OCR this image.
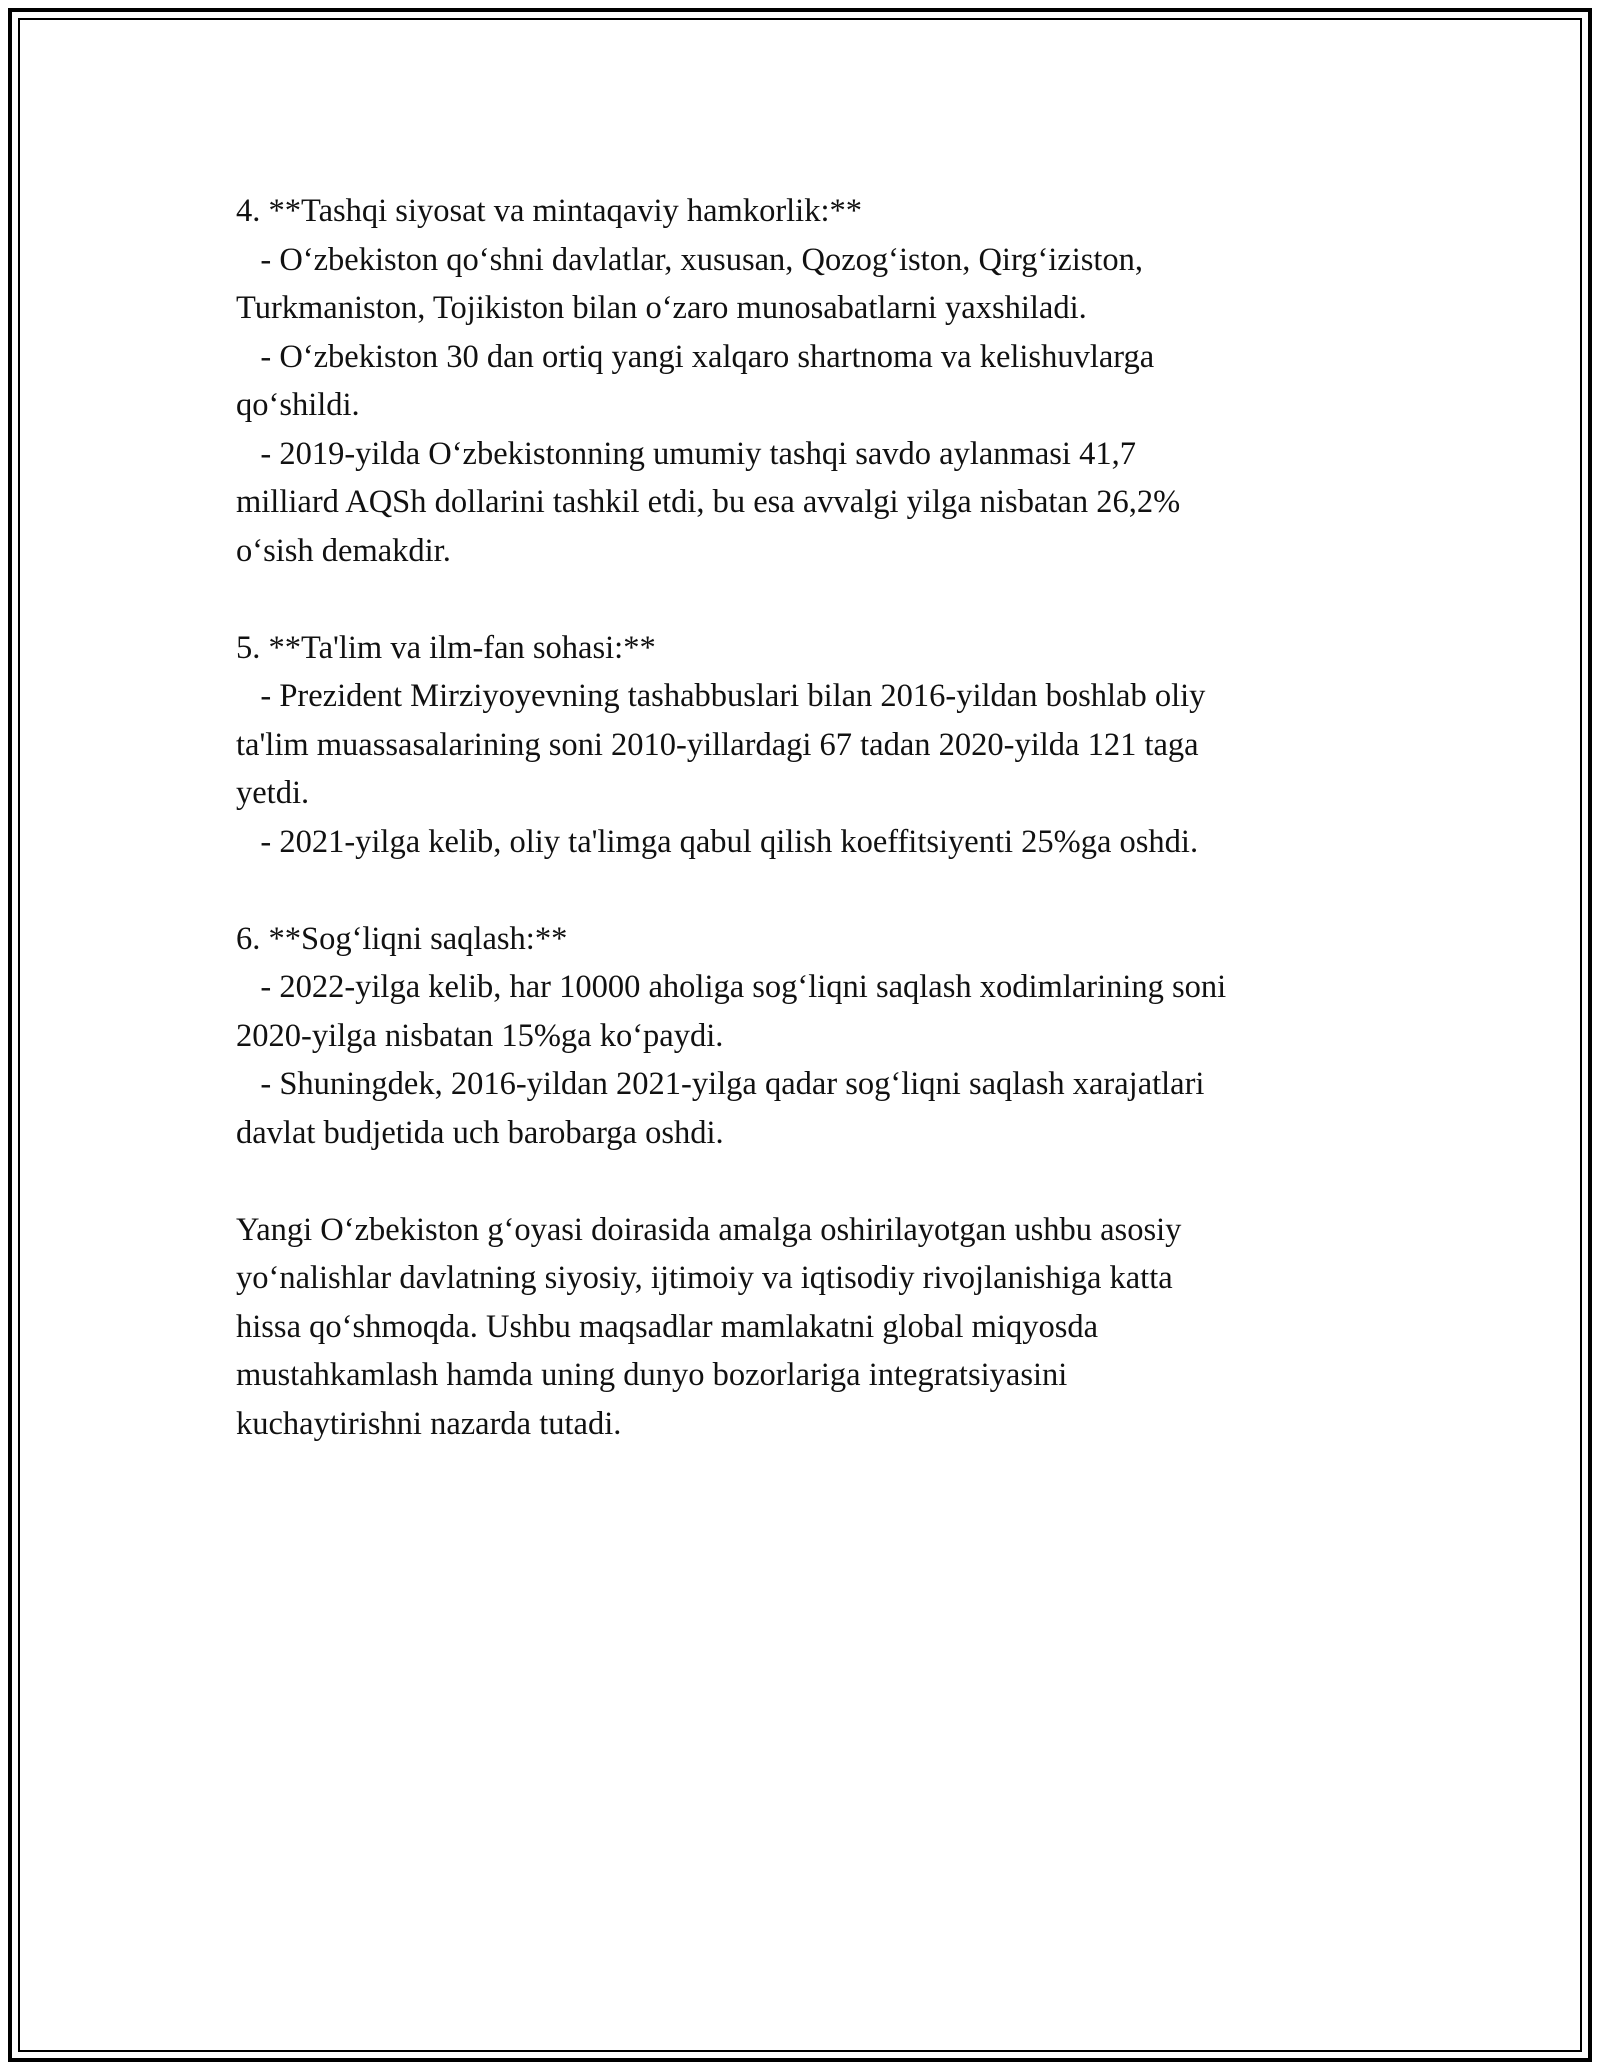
4. **Tashqi siyosat va mintaqaviy hamkorlik:**
- O‘zbekiston qo‘shni davlatlar, xususan, Qozog‘iston, Qirg‘iziston,
Turkmaniston, Tojikiston bilan o‘zaro munosabatlarni yaxshiladi.
- O‘zbekiston 30 dan ortiq yangi xalqaro shartnoma va kelishuvlarga
qo‘shildi.
- 2019-yilda O‘zbekistonning umumiy tashqi savdo aylanmasi 41,7
milliard AQSh dollarini tashkil etdi, bu esa avvalgi yilga nisbatan 26,2%
o‘sish demakdir.
5. **Ta'lim va ilm-fan sohasi:**
- Prezident Mirziyoyevning tashabbuslari bilan 2016-yildan boshlab oliy
ta'lim muassasalarining soni 2010-yillardagi 67 tadan 2020-yilda 121 taga
yetdi.
- 2021-yilga kelib, oliy ta'limga qabul qilish koeffitsiyenti 25%ga oshdi.
6. **Sog‘liqni saqlash:**
- 2022-yilga kelib, har 10000 aholiga sog‘liqni saqlash xodimlarining soni
2020-yilga nisbatan 15%ga ko‘paydi.
- Shuningdek, 2016-yildan 2021-yilga qadar sog‘liqni saqlash xarajatlari
davlat budjetida uch barobarga oshdi.
Yangi O‘zbekiston g‘oyasi doirasida amalga oshirilayotgan ushbu asosiy
yo‘nalishlar davlatning siyosiy, ijtimoiy va iqtisodiy rivojlanishiga katta
hissa qo‘shmoqda. Ushbu maqsadlar mamlakatni global miqyosda
mustahkamlash hamda uning dunyo bozorlariga integratsiyasini
kuchaytirishni nazarda tutadi.
